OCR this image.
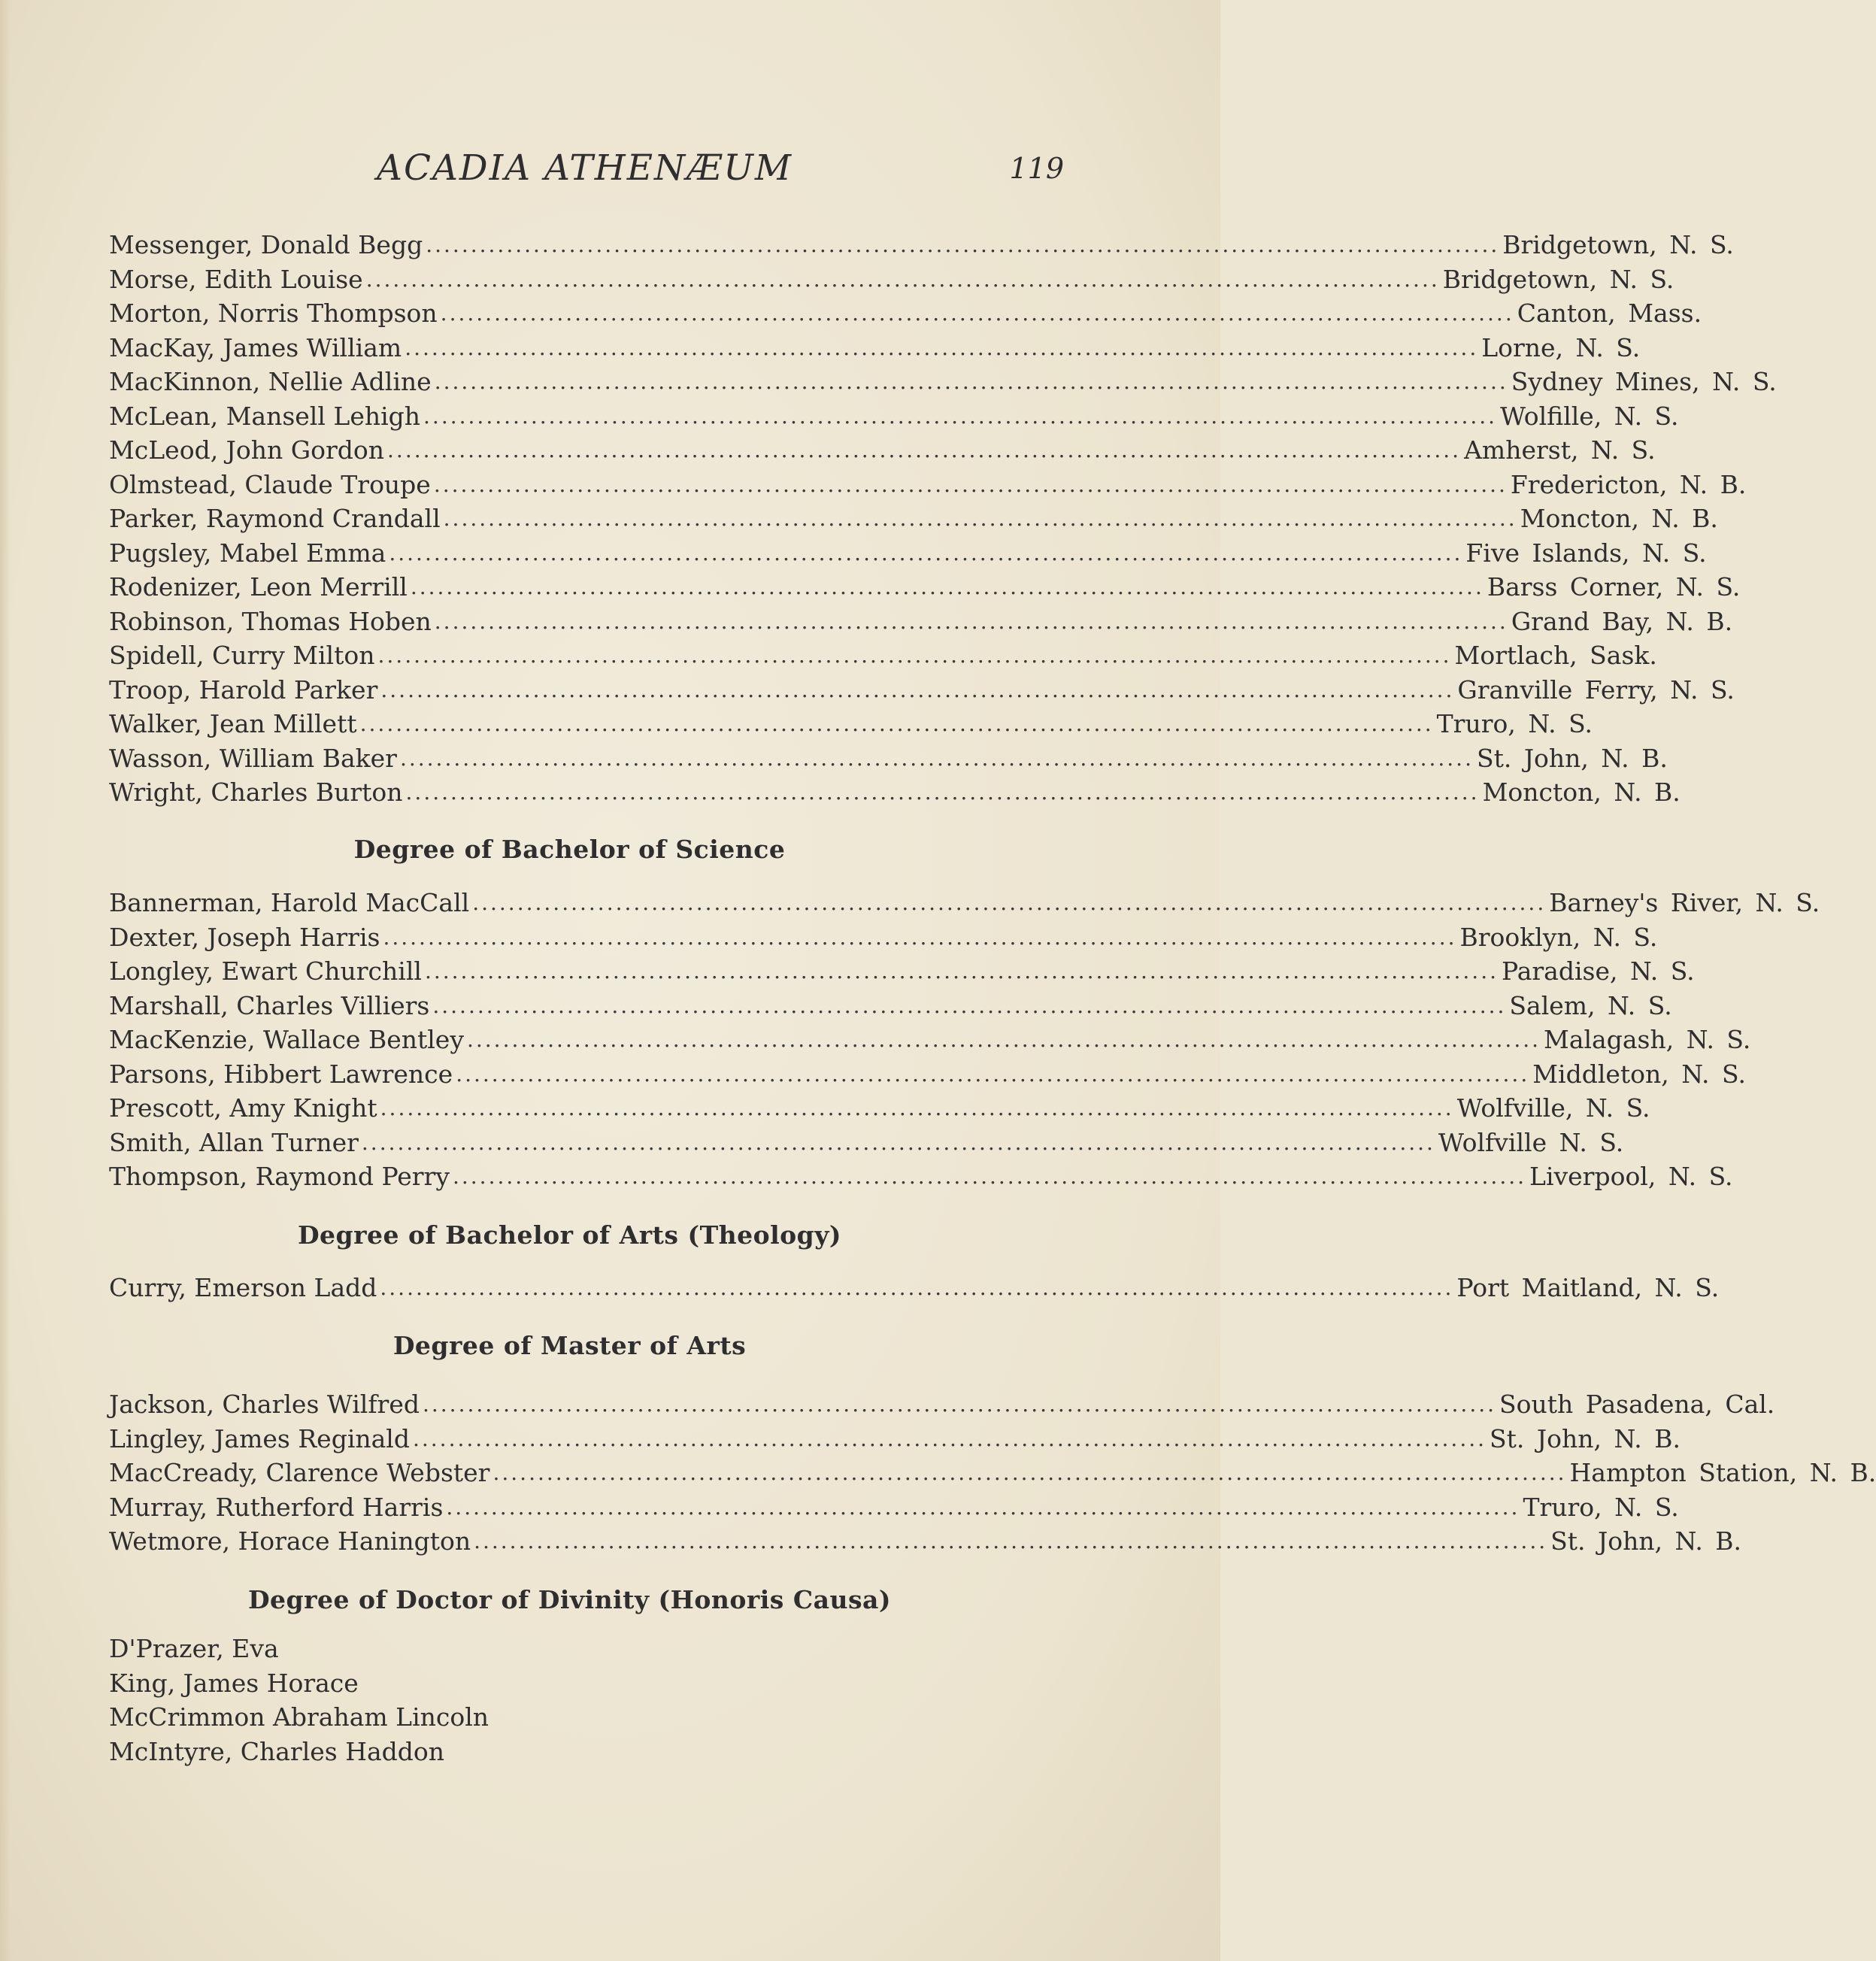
ACADIA ATHENÆUM	119
Messenger, Donald Begg ........................................................................................................................ Bridgetown, N. S.
Morse, Edith Louise ........................................................................................................................ Bridgetown, N. S.
Morton, Norris Thompson ........................................................................................................................ Canton, Mass.
MacKay, James William ........................................................................................................................ Lorne, N. S.
MacKinnon, Nellie Adline ........................................................................................................................ Sydney Mines, N. S.
McLean, Mansell Lehigh ........................................................................................................................ Wolfille, N. S.
McLeod, John Gordon ........................................................................................................................ Amherst, N. S.
Olmstead, Claude Troupe ........................................................................................................................ Fredericton, N. B.
Parker, Raymond Crandall ........................................................................................................................ Moncton, N. B.
Pugsley, Mabel Emma ........................................................................................................................ Five Islands, N. S.
Rodenizer, Leon Merrill ........................................................................................................................ Barss Corner, N. S.
Robinson, Thomas Hoben ........................................................................................................................ Grand Bay, N. B.
Spidell, Curry Milton ........................................................................................................................ Mortlach, Sask.
Troop, Harold Parker ........................................................................................................................ Granville Ferry, N. S.
Walker, Jean Millett ........................................................................................................................ Truro, N. S.
Wasson, William Baker ........................................................................................................................ St. John, N. B.
Wright, Charles Burton ........................................................................................................................ Moncton, N. B.
Degree of Bachelor of Science
Bannerman, Harold MacCall ........................................................................................................................ Barney's River, N. S.
Dexter, Joseph Harris ........................................................................................................................ Brooklyn, N. S.
Longley, Ewart Churchill ........................................................................................................................ Paradise, N. S.
Marshall, Charles Villiers ........................................................................................................................ Salem, N. S.
MacKenzie, Wallace Bentley ........................................................................................................................ Malagash, N. S.
Parsons, Hibbert Lawrence ........................................................................................................................ Middleton, N. S.
Prescott, Amy Knight ........................................................................................................................ Wolfville, N. S.
Smith, Allan Turner ........................................................................................................................ Wolfville N. S.
Thompson, Raymond Perry ........................................................................................................................ Liverpool, N. S.
Degree of Bachelor of Arts (Theology)
Curry, Emerson Ladd ........................................................................................................................ Port Maitland, N. S.
Degree of Master of Arts
Jackson, Charles Wilfred ........................................................................................................................ South Pasadena, Cal.
Lingley, James Reginald ........................................................................................................................ St. John, N. B.
MacCready, Clarence Webster ........................................................................................................................ Hampton Station, N. B.
Murray, Rutherford Harris ........................................................................................................................ Truro, N. S.
Wetmore, Horace Hanington ........................................................................................................................ St. John, N. B.
Degree of Doctor of Divinity (Honoris Causa)
D'Prazer, Eva
King, James Horace
McCrimmon Abraham Lincoln
McIntyre, Charles Haddon
